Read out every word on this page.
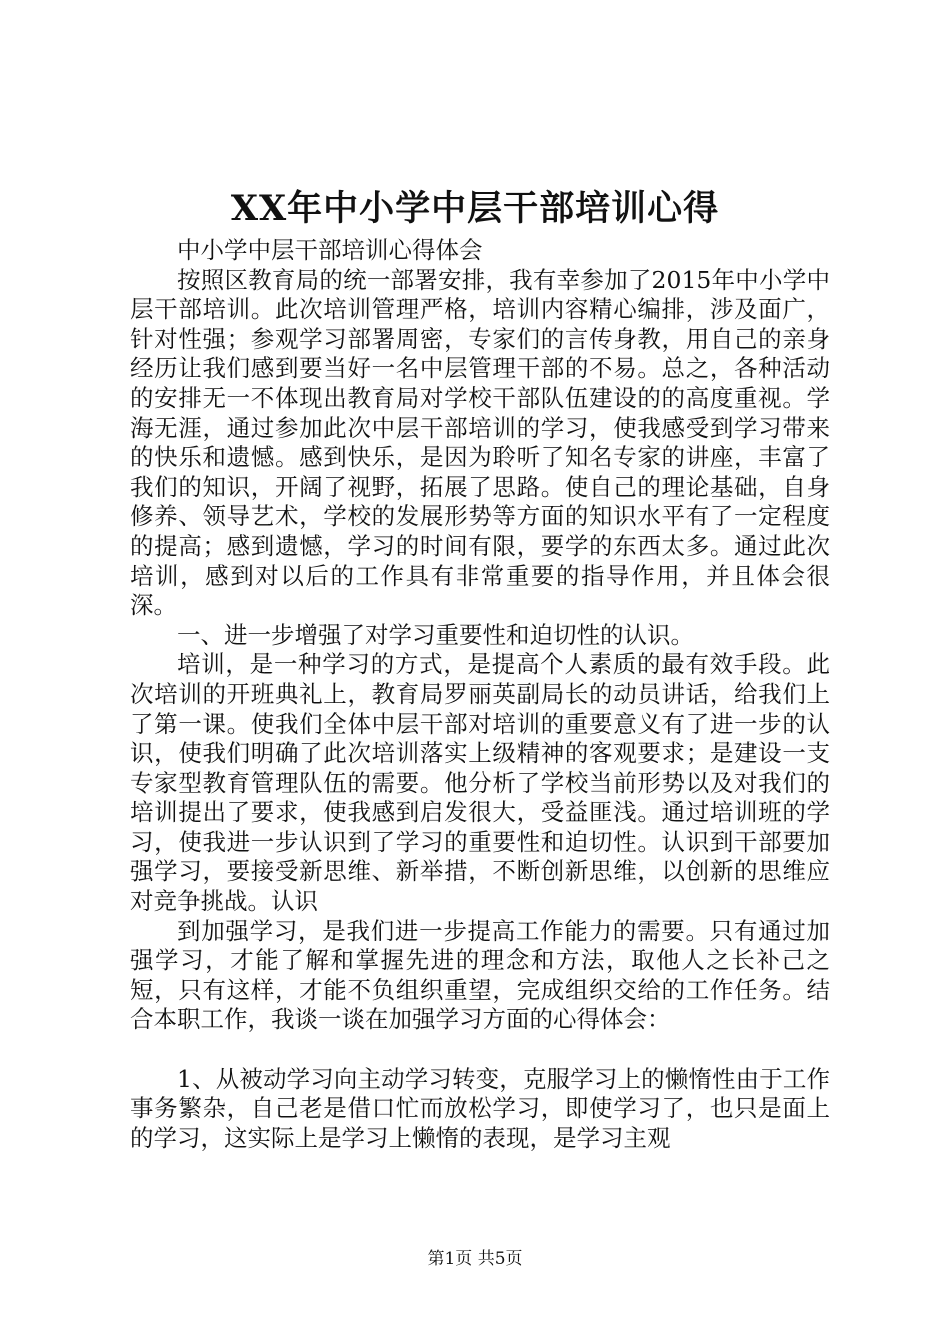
XX年中小学中层干部培训心得

中小学中层干部培训心得体会

按照区教育局的统一部署安排，我有幸参加了2015年中小学中层干部培训。此次培训管理严格，培训内容精心编排，涉及面广，针对性强；参观学习部署周密，专家们的言传身教，用自己的亲身经历让我们感到要当好一名中层管理干部的不易。总之，各种活动的安排无一不体现出教育局对学校干部队伍建设的的高度重视。学海无涯，通过参加此次中层干部培训的学习，使我感受到学习带来的快乐和遗憾。感到快乐，是因为聆听了知名专家的讲座，丰富了我们的知识，开阔了视野，拓展了思路。使自己的理论基础，自身修养、领导艺术，学校的发展形势等方面的知识水平有了一定程度的提高；感到遗憾，学习的时间有限，要学的东西太多。通过此次培训，感到对以后的工作具有非常重要的指导作用，并且体会很深。

一、进一步增强了对学习重要性和迫切性的认识。

培训，是一种学习的方式，是提高个人素质的最有效手段。此次培训的开班典礼上，教育局罗丽英副局长的动员讲话，给我们上了第一课。使我们全体中层干部对培训的重要意义有了进一步的认识，使我们明确了此次培训落实上级精神的客观要求；是建设一支专家型教育管理队伍的需要。他分析了学校当前形势以及对我们的培训提出了要求，使我感到启发很大，受益匪浅。通过培训班的学习，使我进一步认识到了学习的重要性和迫切性。认识到干部要加强学习，要接受新思维、新举措，不断创新思维，以创新的思维应对竞争挑战。认识

到加强学习，是我们进一步提高工作能力的需要。只有通过加强学习，才能了解和掌握先进的理念和方法，取他人之长补己之短，只有这样，才能不负组织重望，完成组织交给的工作任务。结合本职工作，我谈一谈在加强学习方面的心得体会：

1、从被动学习向主动学习转变，克服学习上的懒惰性由于工作事务繁杂，自己老是借口忙而放松学习，即使学习了，也只是面上的学习，这实际上是学习上懒惰的表现，是学习主观

第1页 共5页
